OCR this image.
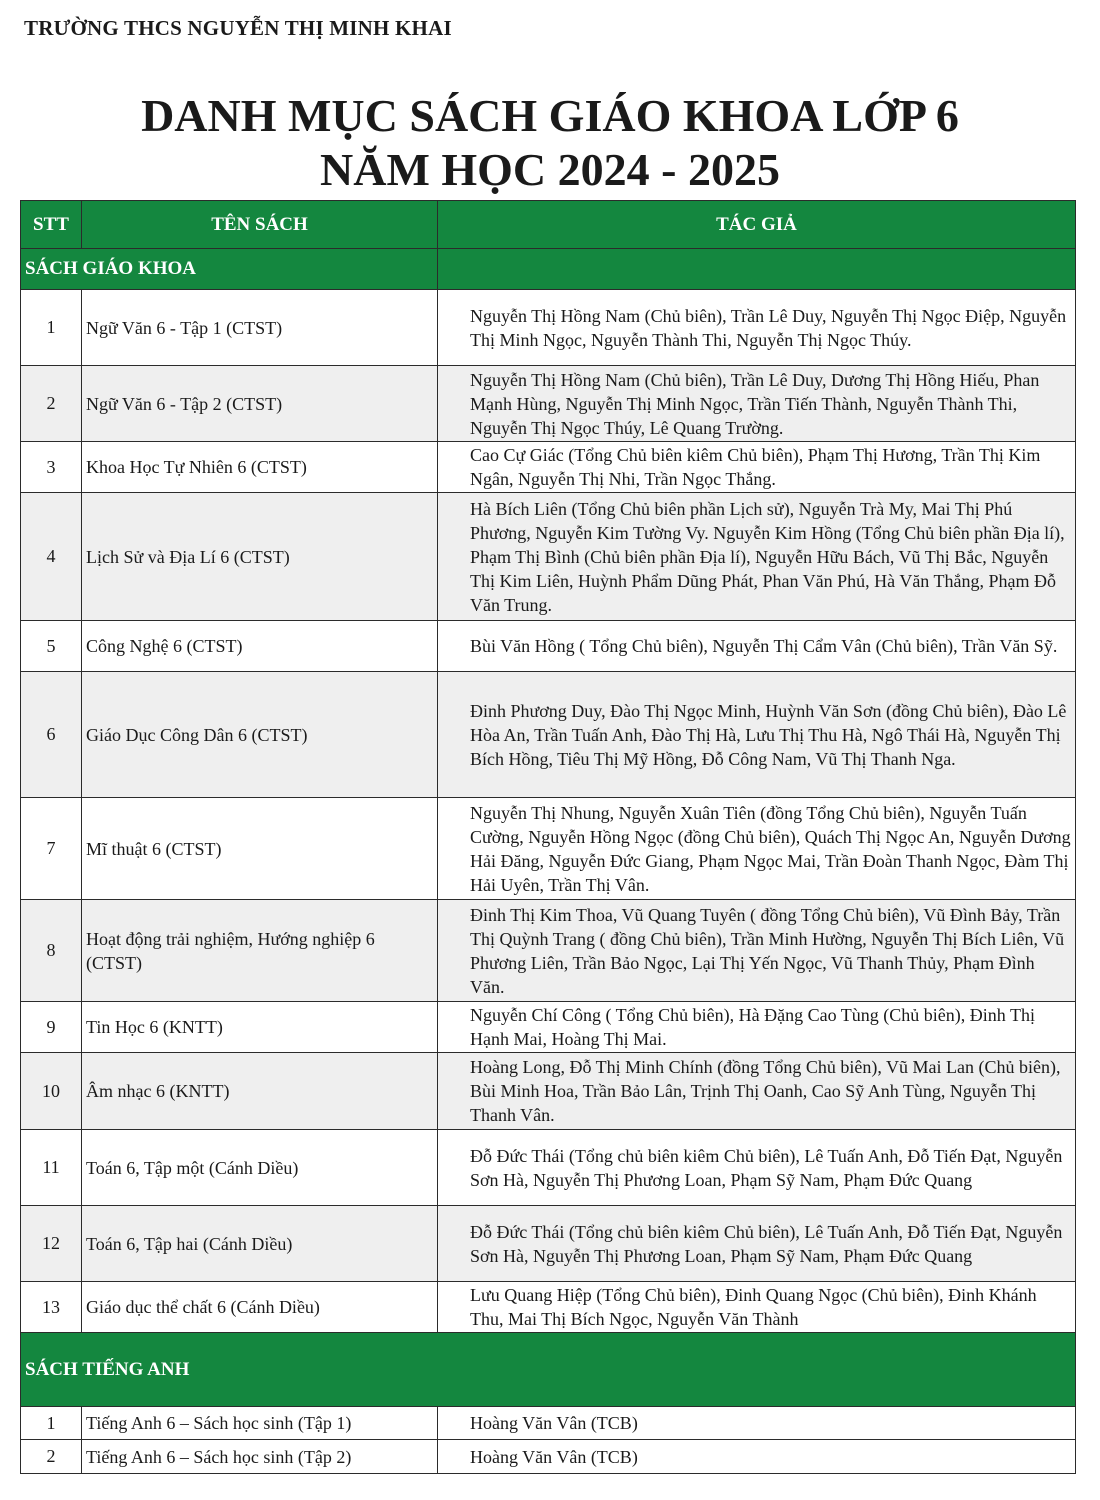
TRƯỜNG THCS NGUYỄN THỊ MINH KHAI
DANH MỤC SÁCH GIÁO KHOA LỚP 6
NĂM HỌC 2024 - 2025
STT	TÊN SÁCH	TÁC GIẢ
SÁCH GIÁO KHOA		
1	Ngữ Văn 6 - Tập 1 (CTST)	Nguyễn Thị Hồng Nam (Chủ biên), Trần Lê Duy, Nguyễn Thị Ngọc Điệp, Nguyễn Thị Minh Ngọc, Nguyễn Thành Thi, Nguyễn Thị Ngọc Thúy.
2	Ngữ Văn 6 - Tập 2 (CTST)	Nguyễn Thị Hồng Nam (Chủ biên), Trần Lê Duy, Dương Thị Hồng Hiếu, Phan Mạnh Hùng, Nguyễn Thị Minh Ngọc, Trần Tiến Thành, Nguyễn Thành Thi, Nguyễn Thị Ngọc Thúy, Lê Quang Trường.
3	Khoa Học Tự Nhiên 6 (CTST)	Cao Cự Giác (Tổng Chủ biên kiêm Chủ biên), Phạm Thị Hương, Trần Thị Kim Ngân, Nguyễn Thị Nhi, Trần Ngọc Thắng.
4	Lịch Sử và Địa Lí 6 (CTST)	Hà Bích Liên (Tổng Chủ biên phần Lịch sử), Nguyễn Trà My, Mai Thị Phú Phương, Nguyễn Kim Tường Vy. Nguyễn Kim Hồng (Tổng Chủ biên phần Địa lí), Phạm Thị Bình (Chủ biên phần Địa lí), Nguyễn Hữu Bách, Vũ Thị Bắc, Nguyễn Thị Kim Liên, Huỳnh Phẩm Dũng Phát, Phan Văn Phú, Hà Văn Thắng, Phạm Đỗ Văn Trung.
5	Công Nghệ 6 (CTST)	Bùi Văn Hồng ( Tổng Chủ biên), Nguyễn Thị Cẩm Vân (Chủ biên), Trần Văn Sỹ.
6	Giáo Dục Công Dân 6 (CTST)	Đinh Phương Duy, Đào Thị Ngọc Minh, Huỳnh Văn Sơn (đồng Chủ biên), Đào Lê Hòa An, Trần Tuấn Anh, Đào Thị Hà, Lưu Thị Thu Hà, Ngô Thái Hà, Nguyễn Thị Bích Hồng, Tiêu Thị Mỹ Hồng, Đỗ Công Nam, Vũ Thị Thanh Nga.
7	Mĩ thuật 6 (CTST)	Nguyễn Thị Nhung, Nguyễn Xuân Tiên (đồng Tổng Chủ biên), Nguyễn Tuấn Cường, Nguyễn Hồng Ngọc (đồng Chủ biên), Quách Thị Ngọc An, Nguyễn Dương Hải Đăng, Nguyễn Đức Giang, Phạm Ngọc Mai, Trần Đoàn Thanh Ngọc, Đàm Thị Hải Uyên, Trần Thị Vân.
8	Hoạt động trải nghiệm, Hướng nghiệp 6 (CTST)	Đinh Thị Kim Thoa, Vũ Quang Tuyên ( đồng Tổng Chủ biên), Vũ Đình Bảy, Trần Thị Quỳnh Trang ( đồng Chủ biên), Trần Minh Hường, Nguyễn Thị Bích Liên, Vũ Phương Liên, Trần Bảo Ngọc, Lại Thị Yến Ngọc, Vũ Thanh Thủy, Phạm Đình Văn.
9	Tin Học 6 (KNTT)	Nguyễn Chí Công ( Tổng Chủ biên), Hà Đặng Cao Tùng (Chủ biên), Đinh Thị Hạnh Mai, Hoàng Thị Mai.
10	Âm nhạc 6 (KNTT)	Hoàng Long, Đỗ Thị Minh Chính (đồng Tổng Chủ biên), Vũ Mai Lan (Chủ biên), Bùi Minh Hoa, Trần Bảo Lân, Trịnh Thị Oanh, Cao Sỹ Anh Tùng, Nguyễn Thị Thanh Vân.
11	Toán 6, Tập một (Cánh Diều)	Đỗ Đức Thái (Tổng chủ biên kiêm Chủ biên), Lê Tuấn Anh, Đỗ Tiến Đạt, Nguyễn Sơn Hà, Nguyễn Thị Phương Loan, Phạm Sỹ Nam, Phạm Đức Quang
12	Toán 6, Tập hai (Cánh Diều)	Đỗ Đức Thái (Tổng chủ biên kiêm Chủ biên), Lê Tuấn Anh, Đỗ Tiến Đạt, Nguyễn Sơn Hà, Nguyễn Thị Phương Loan, Phạm Sỹ Nam, Phạm Đức Quang
13	Giáo dục thể chất 6 (Cánh Diều)	Lưu Quang Hiệp (Tổng Chủ biên), Đinh Quang Ngọc (Chủ biên), Đinh Khánh Thu, Mai Thị Bích Ngọc, Nguyễn Văn Thành
SÁCH TIẾNG ANH		
1	Tiếng Anh 6 – Sách học sinh (Tập 1)	Hoàng Văn Vân (TCB)
2	Tiếng Anh 6 – Sách học sinh (Tập 2)	Hoàng Văn Vân (TCB)
